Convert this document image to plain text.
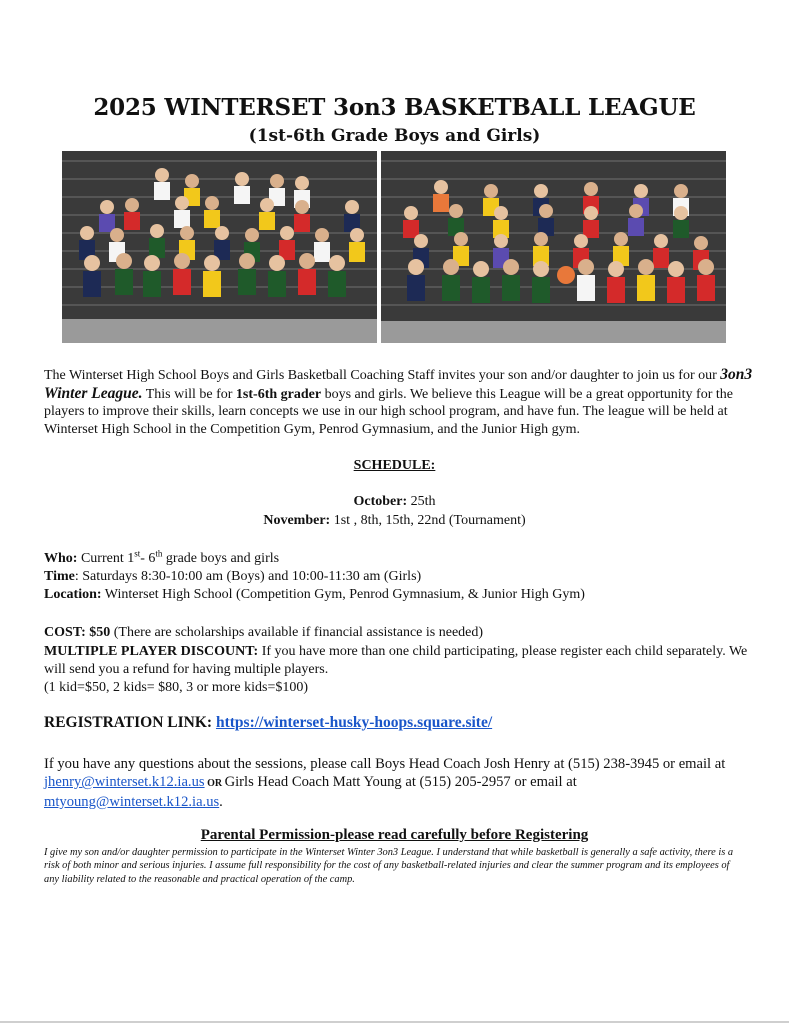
2025 WINTERSET 3on3 BASKETBALL LEAGUE
(1st-6th Grade Boys and Girls)
The Winterset High School Boys and Girls Basketball Coaching Staff invites your son and/or daughter to join us for our 3on3 Winter League. This will be for 1st-6th grader boys and girls. We believe this League will be a great opportunity for the players to improve their skills, learn concepts we use in our high school program, and have fun. The league will be held at Winterset High School in the Competition Gym, Penrod Gymnasium, and the Junior High gym.
SCHEDULE:
October: 25th
November: 1st , 8th, 15th, 22nd (Tournament)
Who: Current 1st- 6th grade boys and girls
Time: Saturdays 8:30-10:00 am (Boys) and 10:00-11:30 am (Girls)
Location: Winterset High School (Competition Gym, Penrod Gymnasium, & Junior High Gym)
COST: $50 (There are scholarships available if financial assistance is needed)
MULTIPLE PLAYER DISCOUNT: If you have more than one child participating, please register each child separately. We will send you a refund for having multiple players.
(1 kid=$50, 2 kids= $80, 3 or more kids=$100)
REGISTRATION LINK: https://winterset-husky-hoops.square.site/
If you have any questions about the sessions, please call Boys Head Coach Josh Henry at (515) 238-3945 or email at jhenry@winterset.k12.ia.us OR Girls Head Coach Matt Young at (515) 205-2957 or email at mtyoung@winterset.k12.ia.us.
Parental Permission-please read carefully before Registering
I give my son and/or daughter permission to participate in the Winterset Winter 3on3 League. I understand that while basketball is generally a safe activity, there is a risk of both minor and serious injuries. I assume full responsibility for the cost of any basketball-related injuries and clear the summer program and its employees of any liability related to the reasonable and practical operation of the camp.
